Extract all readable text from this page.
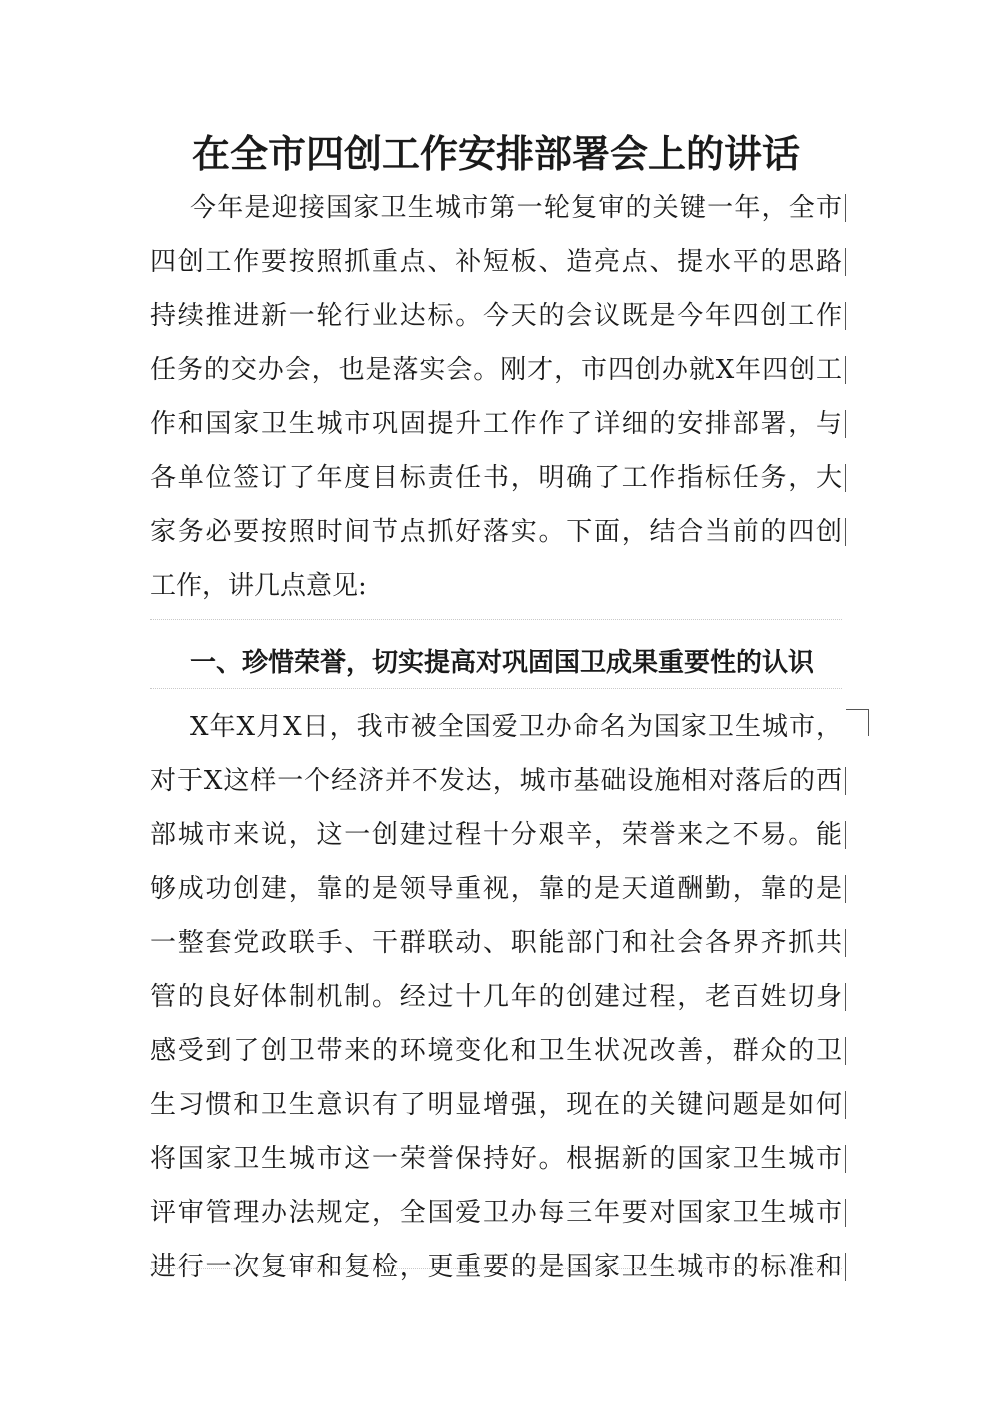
在全市四创工作安排部署会上的讲话
今年是迎接国家卫生城市第一轮复审的关键一年，全市
四创工作要按照抓重点、补短板、造亮点、提水平的思路
持续推进新一轮行业达标。今天的会议既是今年四创工作
任务的交办会，也是落实会。刚才，市四创办就X年四创工
作和国家卫生城市巩固提升工作作了详细的安排部署，与
各单位签订了年度目标责任书，明确了工作指标任务，大
家务必要按照时间节点抓好落实。下面，结合当前的四创
工作，讲几点意见:
一、珍惜荣誉，切实提高对巩固国卫成果重要性的认识
X年X月X日，我市被全国爱卫办命名为国家卫生城市，
对于X这样一个经济并不发达，城市基础设施相对落后的西
部城市来说，这一创建过程十分艰辛，荣誉来之不易。能
够成功创建，靠的是领导重视，靠的是天道酬勤，靠的是
一整套党政联手、干群联动、职能部门和社会各界齐抓共
管的良好体制机制。经过十几年的创建过程，老百姓切身
感受到了创卫带来的环境变化和卫生状况改善，群众的卫
生习惯和卫生意识有了明显增强，现在的关键问题是如何
将国家卫生城市这一荣誉保持好。根据新的国家卫生城市
评审管理办法规定，全国爱卫办每三年要对国家卫生城市
进行一次复审和复检，更重要的是国家卫生城市的标准和
